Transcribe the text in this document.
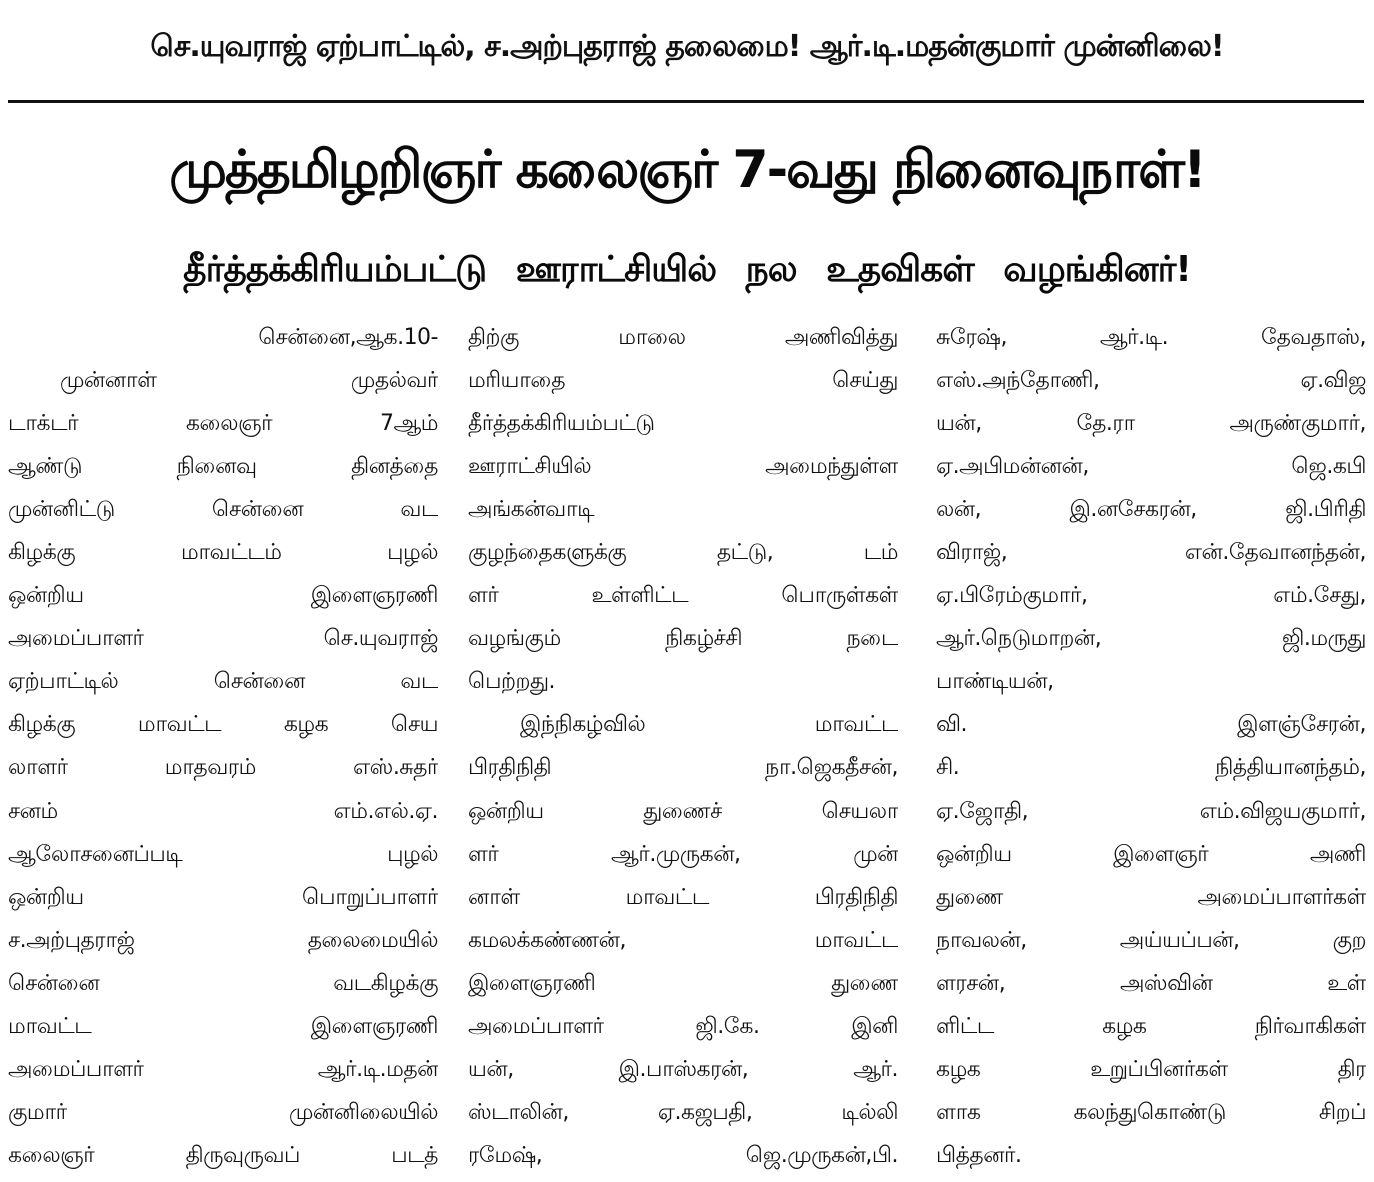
செ.யுவராஜ் ஏற்பாட்டில், ச.அற்புதராஜ் தலைமை! ஆர்.டி.மதன்குமார் முன்னிலை!
முத்தமிழறிஞர் கலைஞர் 7-வது நினைவுநாள்!
தீர்த்தக்கிரியம்பட்டு ஊராட்சியில் நல உதவிகள் வழங்கினர்!
சென்னை,ஆக.10-
முன்னாள் முதல்வர்
டாக்டர் கலைஞர் 7ஆம்
ஆண்டு நினைவு தினத்தை
முன்னிட்டு சென்னை வட
கிழக்கு மாவட்டம் புழல்
ஒன்றிய இளைஞரணி
அமைப்பாளர் செ.யுவராஜ்
ஏற்பாட்டில் சென்னை வட
கிழக்கு மாவட்ட கழக செய
லாளர் மாதவரம் எஸ்.சுதர்
சனம் எம்.எல்.ஏ.
ஆலோசனைப்படி புழல்
ஒன்றிய பொறுப்பாளர்
ச.அற்புதராஜ் தலைமையில்
சென்னை வடகிழக்கு
மாவட்ட இளைஞரணி
அமைப்பாளர் ஆர்.டி.மதன்
குமார் முன்னிலையில்
கலைஞர் திருவுருவப் படத்
திற்கு மாலை அணிவித்து
மரியாதை செய்து
தீர்த்தக்கிரியம்பட்டு
ஊராட்சியில் அமைந்துள்ள
அங்கன்வாடி
குழந்தைகளுக்கு தட்டு, டம்
ளர் உள்ளிட்ட பொருள்கள்
வழங்கும் நிகழ்ச்சி நடை
பெற்றது.
இந்நிகழ்வில் மாவட்ட
பிரதிநிதி நா.ஜெகதீசன்,
ஒன்றிய துணைச் செயலா
ளர் ஆர்.முருகன், முன்
னாள் மாவட்ட பிரதிநிதி
கமலக்கண்ணன், மாவட்ட
இளைஞரணி துணை
அமைப்பாளர் ஜி.கே. இனி
யன், இ.பாஸ்கரன், ஆர்.
ஸ்டாலின், ஏ.கஜபதி, டில்லி
ரமேஷ், ஜெ.முருகன்,பி.
சுரேஷ், ஆர்.டி. தேவதாஸ்,
எஸ்.அந்தோணி, ஏ.விஜ
யன், தே.ரா அருண்குமார்,
ஏ.அபிமன்னன், ஜெ.கபி
லன், இ.னசேகரன், ஜி.பிரிதி
விராஜ், என்.தேவானந்தன்,
ஏ.பிரேம்குமார், எம்.சேது,
ஆர்.நெடுமாறன், ஜி.மருது
பாண்டியன்,
வி. இளஞ்சேரன்,
சி. நித்தியானந்தம்,
ஏ.ஜோதி, எம்.விஜயகுமார்,
ஒன்றிய இளைஞர் அணி
துணை அமைப்பாளர்கள்
நாவலன், அய்யப்பன், குற
ளரசன், அஸ்வின் உள்
ளிட்ட கழக நிர்வாகிகள்
கழக உறுப்பினர்கள் திர
ளாக கலந்துகொண்டு சிறப்
பித்தனர்.
